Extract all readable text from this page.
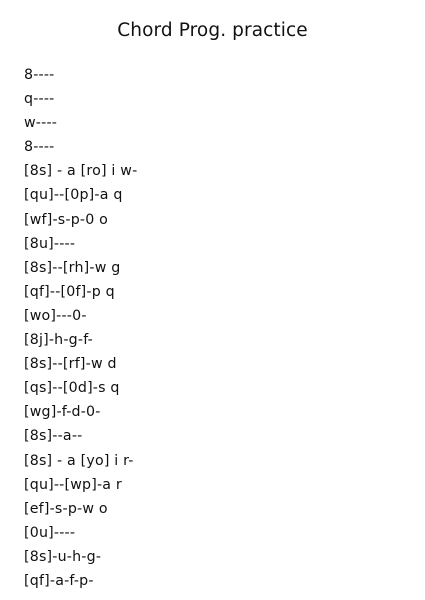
Chord Prog. practice
8----
q----
w----
8----
[8s] - a [ro] i w-
[qu]--[0p]-a q
[wf]-s-p-0 o
[8u]----
[8s]--[rh]-w g
[qf]--[0f]-p q
[wo]---0-
[8j]-h-g-f-
[8s]--[rf]-w d
[qs]--[0d]-s q
[wg]-f-d-0-
[8s]--a--
[8s] - a [yo] i r-
[qu]--[wp]-a r
[ef]-s-p-w o
[0u]----
[8s]-u-h-g-
[qf]-a-f-p-
